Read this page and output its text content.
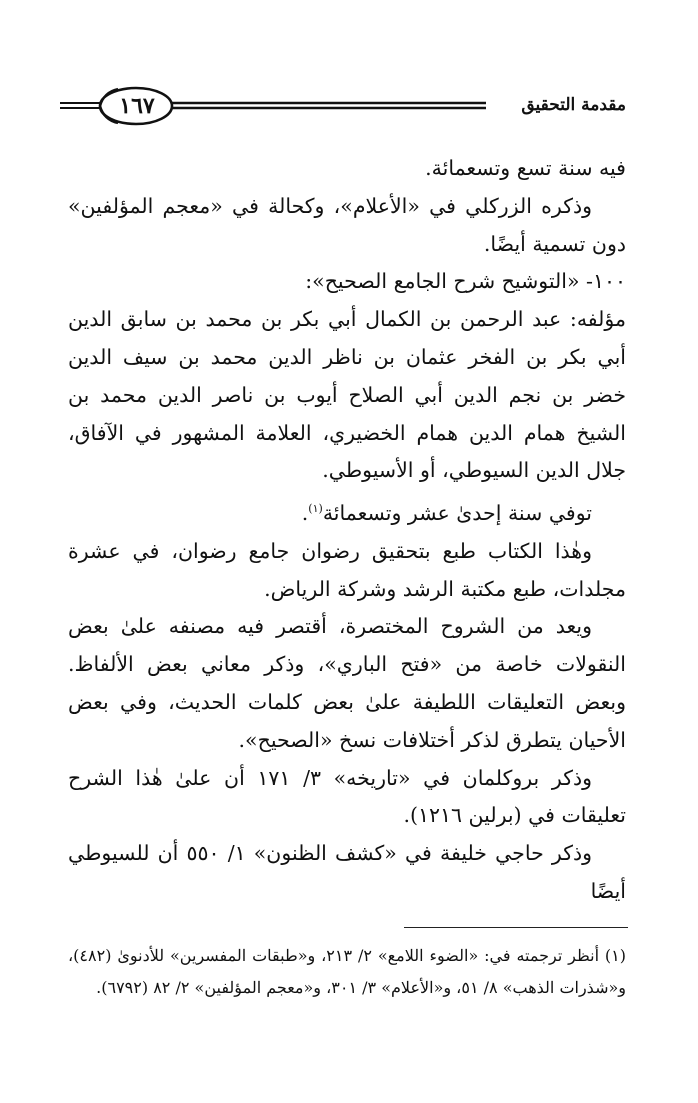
١٦٧	مقدمة التحقيق

فيه سنة تسع وتسعمائة.

وذكره الزركلي في «الأعلام»، وكحالة في «معجم المؤلفين» دون تسمية أيضًا.

١٠٠- «التوشيح شرح الجامع الصحيح»:

مؤلفه: عبد الرحمن بن الكمال أبي بكر بن محمد بن سابق الدين أبي بكر بن الفخر عثمان بن ناظر الدين محمد بن سيف الدين خضر بن نجم الدين أبي الصلاح أيوب بن ناصر الدين محمد بن الشيخ همام الدين همام الخضيري، العلامة المشهور في الآفاق، جلال الدين السيوطي، أو الأسيوطي.

توفي سنة إحدىٰ عشر وتسعمائة$^{(١)}$.

وهٰذا الكتاب طبع بتحقيق رضوان جامع رضوان، في عشرة مجلدات، طبع مكتبة الرشد وشركة الرياض.

ويعد من الشروح المختصرة، أقتصر فيه مصنفه علىٰ بعض النقولات خاصة من «فتح الباري»، وذكر معاني بعض الألفاظ. وبعض التعليقات اللطيفة علىٰ بعض كلمات الحديث، وفي بعض الأحيان يتطرق لذكر أختلافات نسخ «الصحيح».

وذكر بروكلمان في «تاريخه» ٣/ ١٧١ أن علىٰ هٰذا الشرح تعليقات في (برلين ١٢١٦).

وذكر حاجي خليفة في «كشف الظنون» ١/ ٥٥٠ أن للسيوطي أيضًا

(١) أنظر ترجمته في: «الضوء اللامع» ٢/ ٢١٣، و«طبقات المفسرين» للأدنوىٰ (٤٨٢)، و«شذرات الذهب» ٨/ ٥١، و«الأعلام» ٣/ ٣٠١، و«معجم المؤلفين» ٢/ ٨٢ (٦٧٩٢).
